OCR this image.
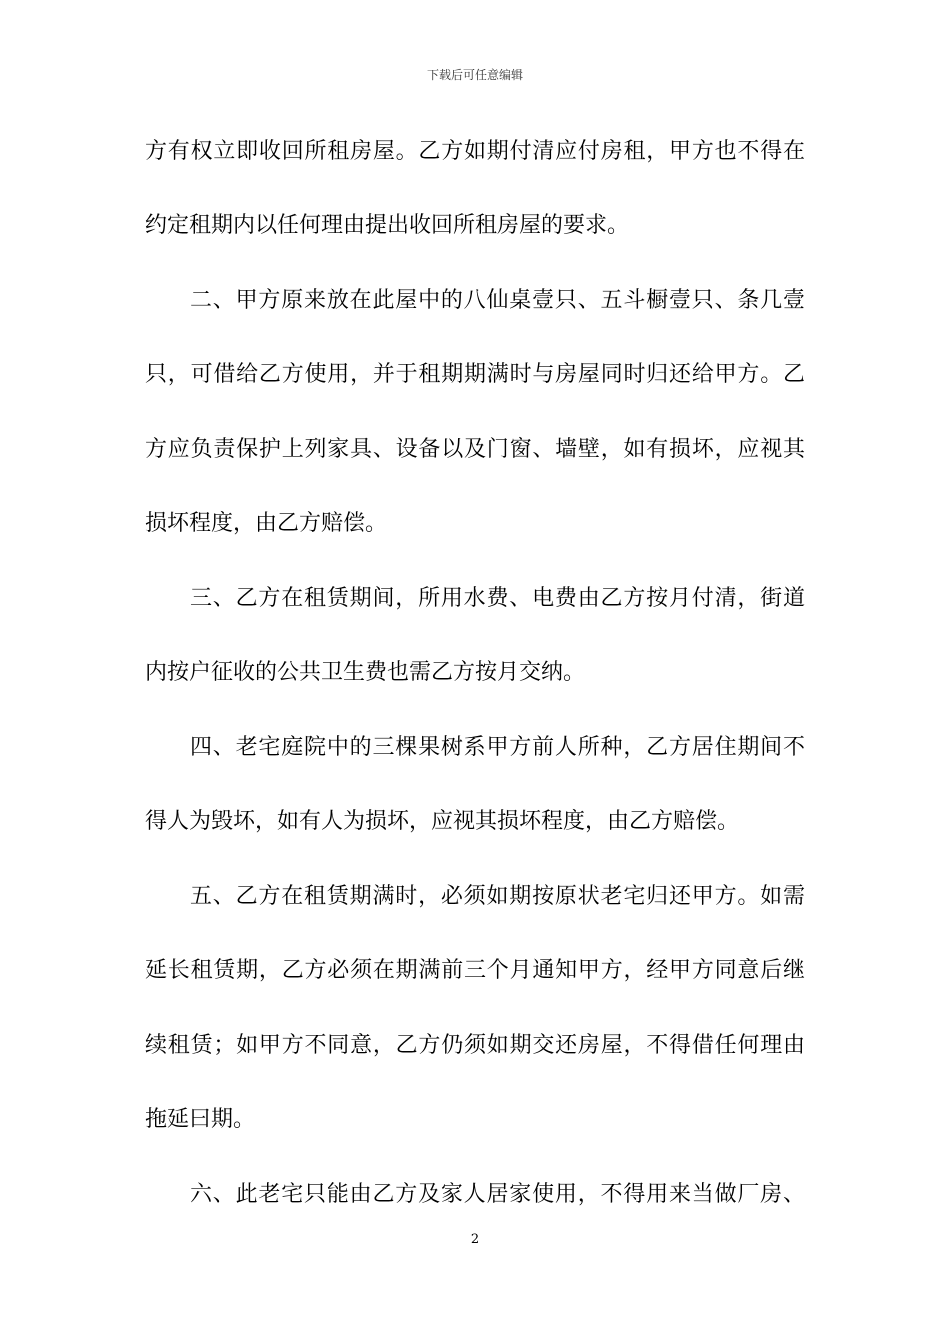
下载后可任意编辑
方有权立即收回所租房屋。乙方如期付清应付房租，甲方也不得在
约定租期内以任何理由提出收回所租房屋的要求。
二、甲方原来放在此屋中的八仙桌壹只、五斗橱壹只、条几壹
只，可借给乙方使用，并于租期期满时与房屋同时归还给甲方。乙
方应负责保护上列家具、设备以及门窗、墙壁，如有损坏，应视其
损坏程度，由乙方赔偿。
三、乙方在租赁期间，所用水费、电费由乙方按月付清，街道
内按户征收的公共卫生费也需乙方按月交纳。
四、老宅庭院中的三棵果树系甲方前人所种，乙方居住期间不
得人为毁坏，如有人为损坏，应视其损坏程度，由乙方赔偿。
五、乙方在租赁期满时，必须如期按原状老宅归还甲方。如需
延长租赁期，乙方必须在期满前三个月通知甲方，经甲方同意后继
续租赁；如甲方不同意，乙方仍须如期交还房屋，不得借任何理由
拖延曰期。
六、此老宅只能由乙方及家人居家使用，不得用来当做厂房、
2
